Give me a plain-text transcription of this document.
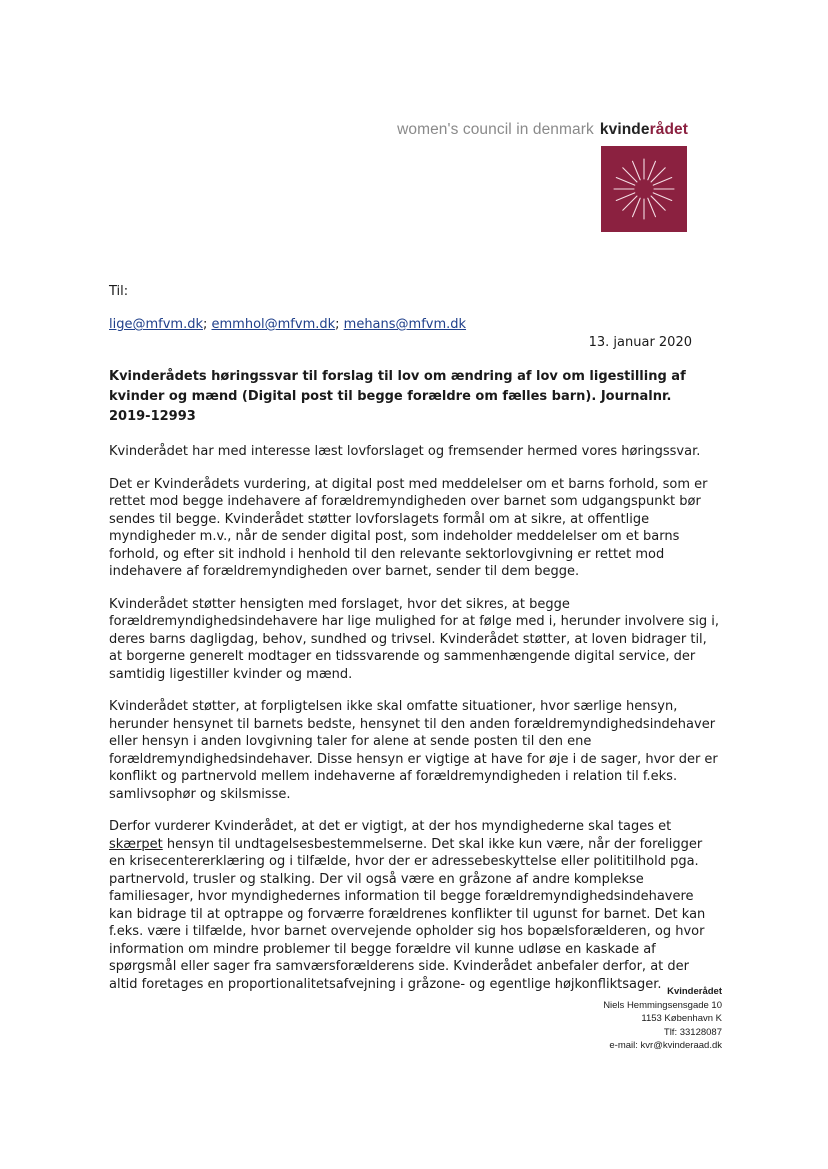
women's council in denmark kvinderådet
Til:
lige@mfvm.dk; emmhol@mfvm.dk; mehans@mfvm.dk
13. januar 2020
Kvinderådets høringssvar til forslag til lov om ændring af lov om ligestilling af kvinder og mænd (Digital post til begge forældre om fælles barn). Journalnr. 2019-12993

Kvinderådet har med interesse læst lovforslaget og fremsender hermed vores høringssvar.

Det er Kvinderådets vurdering, at digital post med meddelelser om et barns forhold, som er rettet mod begge indehavere af forældremyndigheden over barnet som udgangspunkt bør sendes til begge. Kvinderådet støtter lovforslagets formål om at sikre, at offentlige myndigheder m.v., når de sender digital post, som indeholder meddelelser om et barns forhold, og efter sit indhold i henhold til den relevante sektorlovgivning er rettet mod indehavere af forældremyndigheden over barnet, sender til dem begge.

Kvinderådet støtter hensigten med forslaget, hvor det sikres, at begge forældremyndighedsindehavere har lige mulighed for at følge med i, herunder involvere sig i, deres barns dagligdag, behov, sundhed og trivsel. Kvinderådet støtter, at loven bidrager til, at borgerne generelt modtager en tidssvarende og sammenhængende digital service, der samtidig ligestiller kvinder og mænd.

Kvinderådet støtter, at forpligtelsen ikke skal omfatte situationer, hvor særlige hensyn, herunder hensynet til barnets bedste, hensynet til den anden forældremyndighedsindehaver eller hensyn i anden lovgivning taler for alene at sende posten til den ene forældremyndighedsindehaver. Disse hensyn er vigtige at have for øje i de sager, hvor der er konflikt og partnervold mellem indehaverne af forældremyndigheden i relation til f.eks. samlivsophør og skilsmisse.

Derfor vurderer Kvinderådet, at det er vigtigt, at der hos myndighederne skal tages et skærpet hensyn til undtagelsesbestemmelserne. Det skal ikke kun være, når der foreligger en krisecentererklæring og i tilfælde, hvor der er adressebeskyttelse eller polititilhold pga. partnervold, trusler og stalking. Der vil også være en gråzone af andre komplekse familiesager, hvor myndighedernes information til begge forældremyndighedsindehavere kan bidrage til at optrappe og forværre forældrenes konflikter til ugunst for barnet. Det kan f.eks. være i tilfælde, hvor barnet overvejende opholder sig hos bopælsforælderen, og hvor information om mindre problemer til begge forældre vil kunne udløse en kaskade af spørgsmål eller sager fra samværsforælderens side. Kvinderådet anbefaler derfor, at der altid foretages en proportionalitetsafvejning i gråzone- og egentlige højkonfliktsager. Kvinderådet
Niels Hemmingsensgade 10
1153 København K
Tlf: 33128087
e-mail: kvr@kvinderaad.dk
